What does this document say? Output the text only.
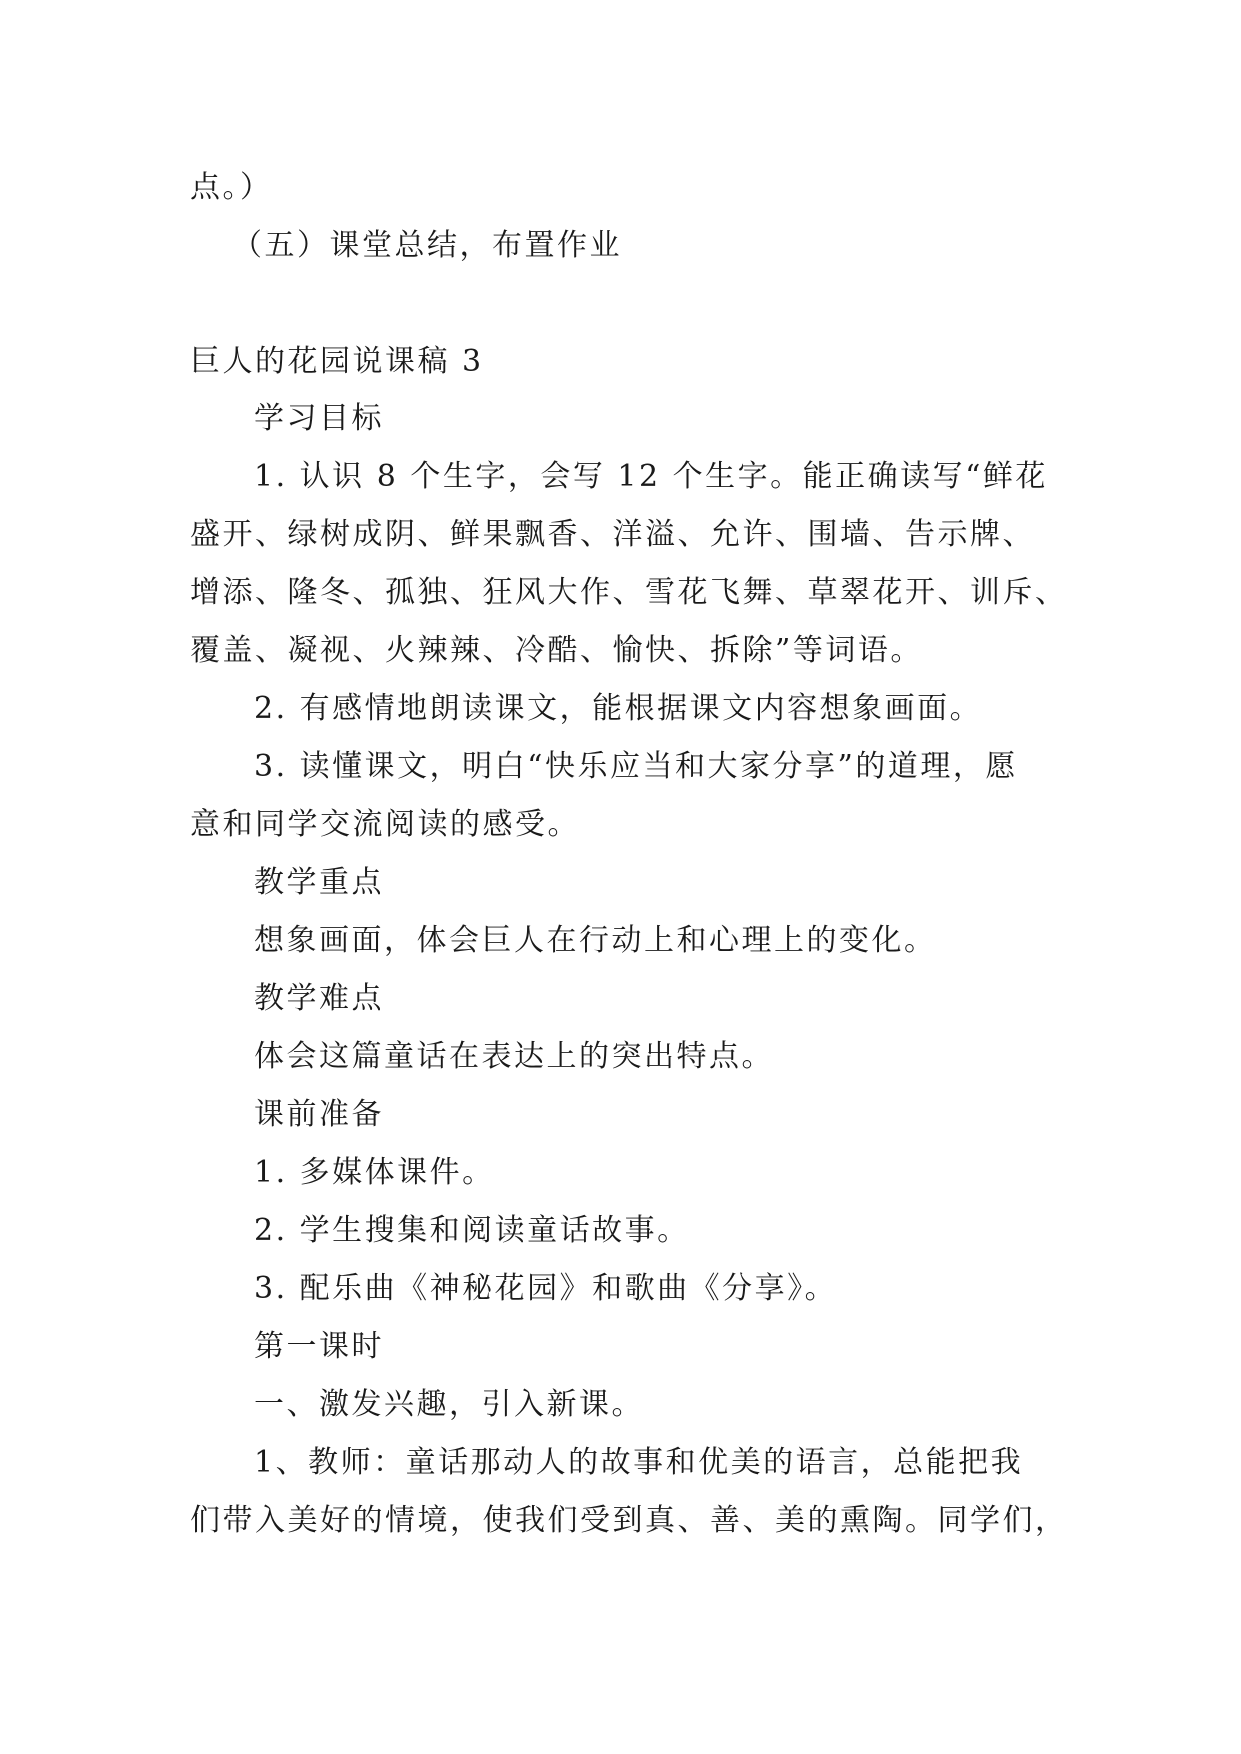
点。）
（五）课堂总结，布置作业
巨人的花园说课稿 3
学习目标
1. 认识 8 个生字，会写 12 个生字。能正确读写“鲜花
盛开、绿树成阴、鲜果飘香、洋溢、允许、围墙、告示牌、
增添、隆冬、孤独、狂风大作、雪花飞舞、草翠花开、训斥、
覆盖、凝视、火辣辣、冷酷、愉快、拆除”等词语。
2. 有感情地朗读课文，能根据课文内容想象画面。
3. 读懂课文，明白“快乐应当和大家分享”的道理，愿
意和同学交流阅读的感受。
教学重点
想象画面，体会巨人在行动上和心理上的变化。
教学难点
体会这篇童话在表达上的突出特点。
课前准备
1. 多媒体课件。
2. 学生搜集和阅读童话故事。
3. 配乐曲《神秘花园》和歌曲《分享》。
第一课时
一、激发兴趣，引入新课。
1、教师：童话那动人的故事和优美的语言，总能把我
们带入美好的情境，使我们受到真、善、美的熏陶。同学们，
